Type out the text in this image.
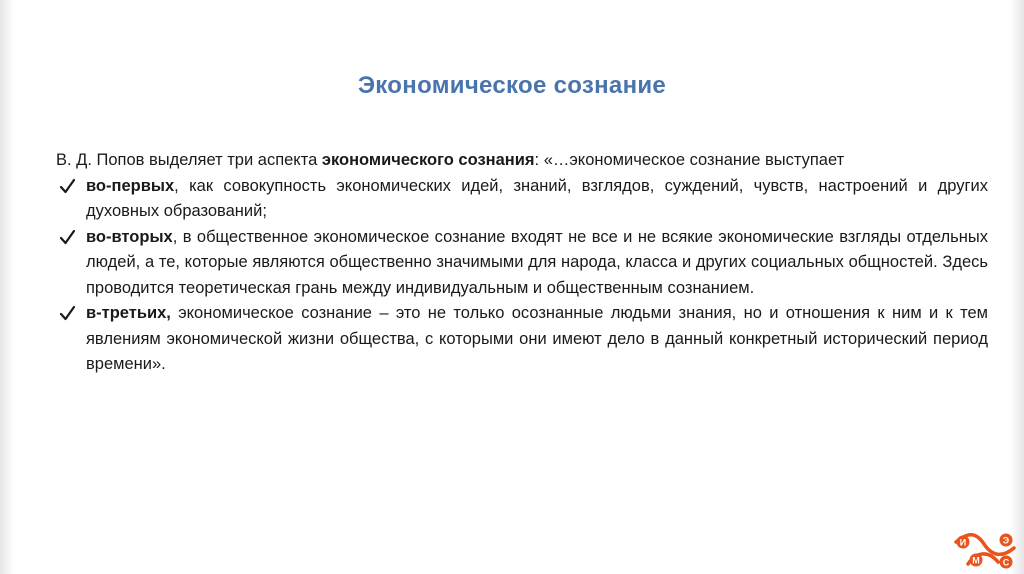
Экономическое сознание

В. Д. Попов выделяет три аспекта экономического сознания: «…экономическое сознание выступает

во-первых, как совокупность экономических идей, знаний, взглядов, суждений, чувств, настроений и других духовных образований;

во-вторых, в общественное экономическое сознание входят не все и не всякие экономические взгляды отдельных людей, а те, которые являются общественно значимыми для народа, класса и других социальных общностей. Здесь проводится теоретическая грань между индивидуальным и общественным сознанием.

в-третьих, экономическое сознание – это не только осознанные людьми знания, но и отношения к ним и к тем явлениям экономической жизни общества, с которыми они имеют дело в данный конкретный исторический период времени».

И	Э
М	С
